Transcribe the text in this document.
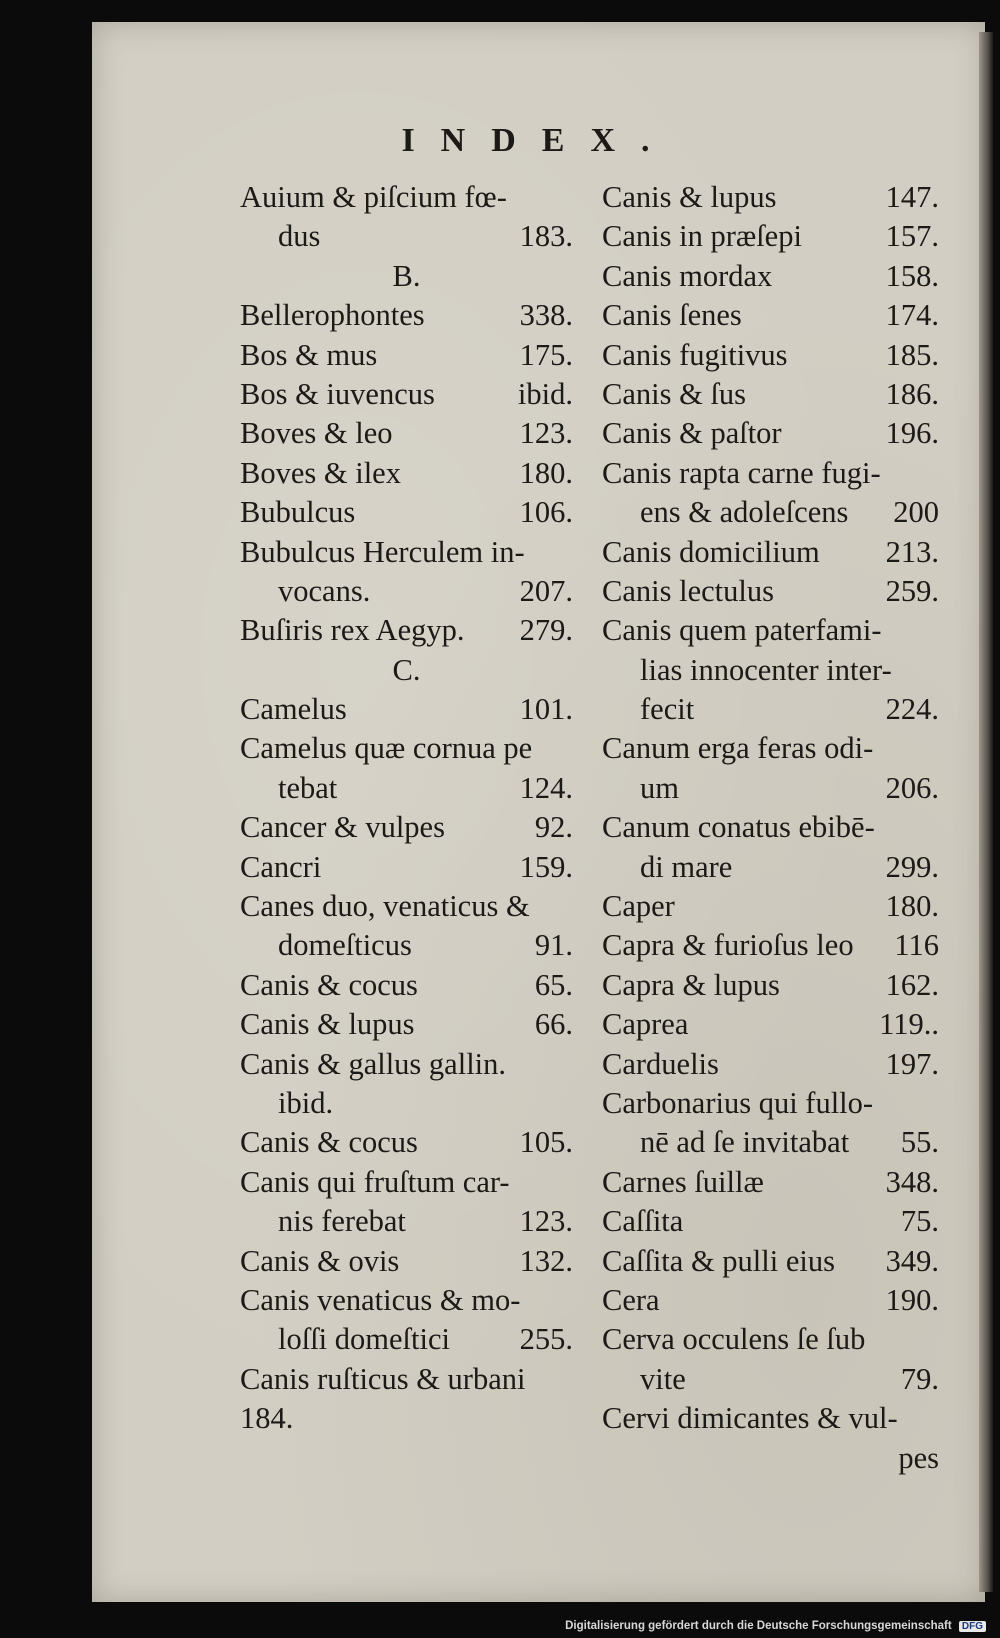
INDEX.
Auium & piſcium fœ-
dus	183.
B.
Bellerophontes	338.
Bos & mus	175.
Bos & iuvencus	ibid.
Boves & leo	123.
Boves & ilex	180.
Bubulcus	106.
Bubulcus Herculem in-
vocans.	207.
Buſiris rex Aegyp. 279.
C.
Camelus	101.
Camelus quæ cornua pe
tebat	124.
Cancer & vulpes	92.
Cancri	159.
Canes duo, venaticus &
domeſticus	91.
Canis & cocus	65.
Canis & lupus	66.
Canis & gallus gallin.
ibid.
Canis & cocus	105.
Canis qui fruſtum car-
nis ferebat	123.
Canis & ovis	132.
Canis venaticus & mo-
loſſi domeſtici 255.
Canis ruſticus & urbani
184.
Canis & lupus	147.
Canis in præſepi	157.
Canis mordax	158.
Canis ſenes	174.
Canis fugitivus	185.
Canis & ſus	186.
Canis & paſtor	196.
Canis rapta carne fugi-
ens & adoleſcens 200
Canis domicilium 213.
Canis lectulus	259.
Canis quem paterfami-
lias innocenter inter-
fecit	224.
Canum erga feras odi-
um	206.
Canum conatus ebibē-
di mare	299.
Caper	180.
Capra & furioſus leo 116
Capra & lupus	162.
Caprea	119..
Carduelis	197.
Carbonarius qui fullo-
nē ad ſe invitabat 55.
Carnes ſuillæ	348.
Caſſita	75.
Caſſita & pulli eius 349.
Cera	190.
Cerva occulens ſe ſub
vite	79.
Cervi dimicantes & vul-
pes
Digitalisierung gefördert durch die Deutsche Forschungsgemeinschaft DFG
